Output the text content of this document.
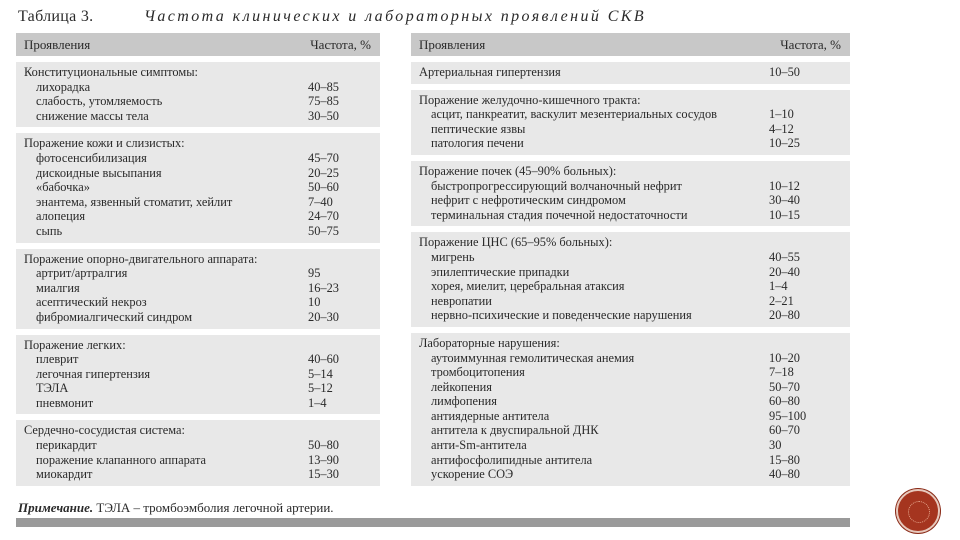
Таблица 3.	Частота клинических и лабораторных проявлений СКВ
Проявления	Частота, %
Конституциональные симптомы:
лихорадка	40–85
слабость, утомляемость	75–85
снижение массы тела	30–50
Поражение кожи и слизистых:
фотосенсибилизация	45–70
дискоидные высыпания	20–25
«бабочка»	50–60
энантема, язвенный стоматит, хейлит	7–40
алопеция	24–70
сыпь	50–75
Поражение опорно-двигательного аппарата:
артрит/артралгия	95
миалгия	16–23
асептический некроз	10
фибромиалгический синдром	20–30
Поражение легких:
плеврит	40–60
легочная гипертензия	5–14
ТЭЛА	5–12
пневмонит	1–4
Сердечно-сосудистая система:
перикардит	50–80
поражение клапанного аппарата	13–90
миокардит	15–30
Проявления	Частота, %
Артериальная гипертензия	10–50
Поражение желудочно-кишечного тракта:
асцит, панкреатит, васкулит мезентериальных сосудов	1–10
пептические язвы	4–12
патология печени	10–25
Поражение почек (45–90% больных):
быстропрогрессирующий волчаночный нефрит	10–12
нефрит с нефротическим синдромом	30–40
терминальная стадия почечной недостаточности	10–15
Поражение ЦНС (65–95% больных):
мигрень	40–55
эпилептические припадки	20–40
хорея, миелит, церебральная атаксия	1–4
невропатии	2–21
нервно-психические и поведенческие нарушения	20–80
Лабораторные нарушения:
аутоиммунная гемолитическая анемия	10–20
тромбоцитопения	7–18
лейкопения	50–70
лимфопения	60–80
антиядерные антитела	95–100
антитела к двуспиральной ДНК	60–70
анти-Sm-антитела	30
антифосфолипидные антитела	15–80
ускорение СОЭ	40–80
Примечание. ТЭЛА – тромбоэмболия легочной артерии.
